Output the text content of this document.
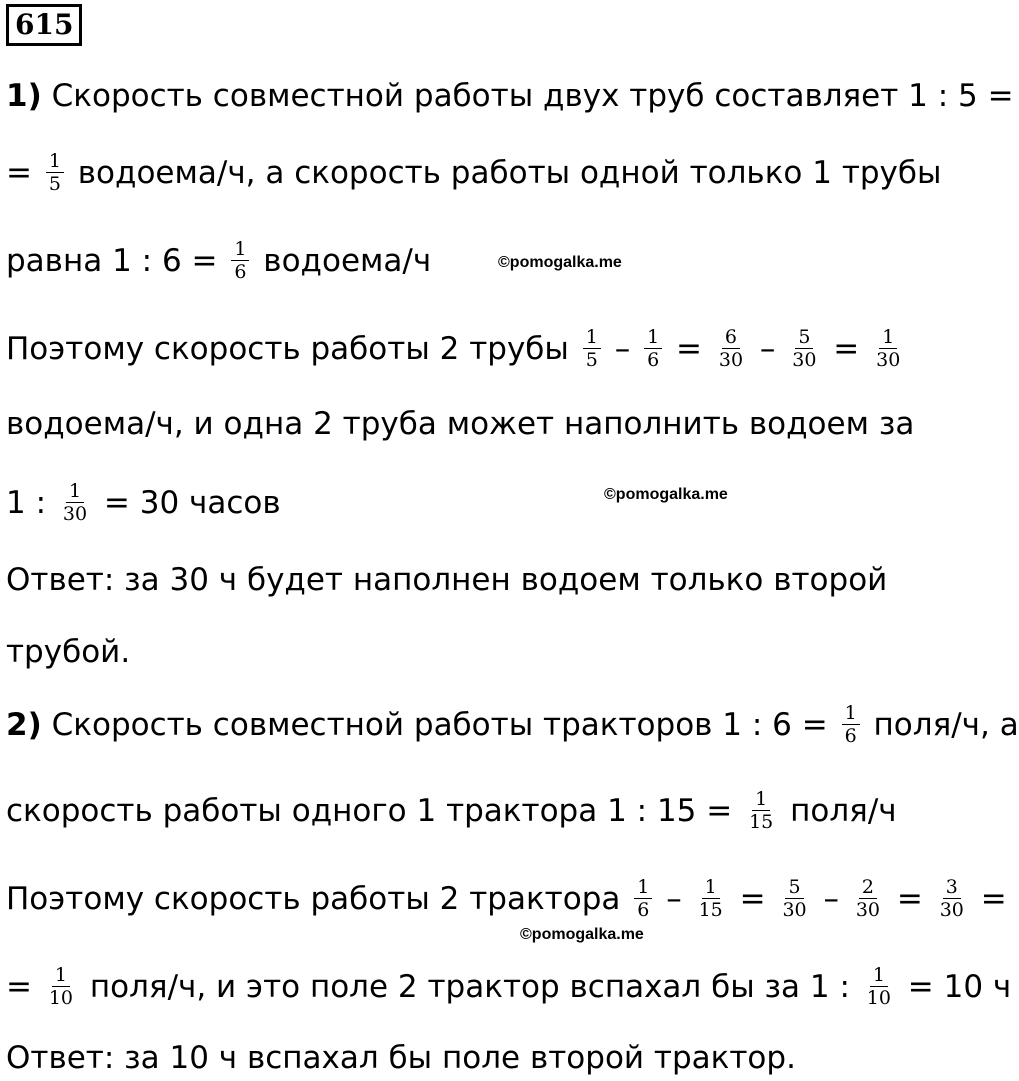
615
1) Скорость совместной работы двух труб составляет 1 : 5 =
= $\frac{1}{5}$ водоема/ч, а скорость работы одной только 1 трубы
равна 1 : $6 = \frac{1}{6}$ водоема/ч	©pomogalka.me
Поэтому скорость работы 2 трубы $\frac{1}{5} - \frac{1}{6} = \frac{6}{30} - \frac{5}{30} = \frac{1}{30}$
водоема/ч, и одна 2 труба может наполнить водоем за
1 : $\frac{1}{30} = 30$ часов	©pomogalka.me
Ответ: за 30 ч будет наполнен водоем только второй
трубой.
2) Скорость совместной работы тракторов 1 : $6 = \frac{1}{6}$ поля/ч, а
скорость работы одного 1 трактора 1 : $15 = \frac{1}{15}$ поля/ч
Поэтому скорость работы 2 трактора $\frac{1}{6} - \frac{1}{15} = \frac{5}{30} - \frac{2}{30} = \frac{3}{30}$ =
©pomogalka.me
= $\frac{1}{10}$ поля/ч, и это поле 2 трактор вспахал бы за 1 : $\frac{1}{10} = 10$ ч
Ответ: за 10 ч вспахал бы поле второй трактор.
